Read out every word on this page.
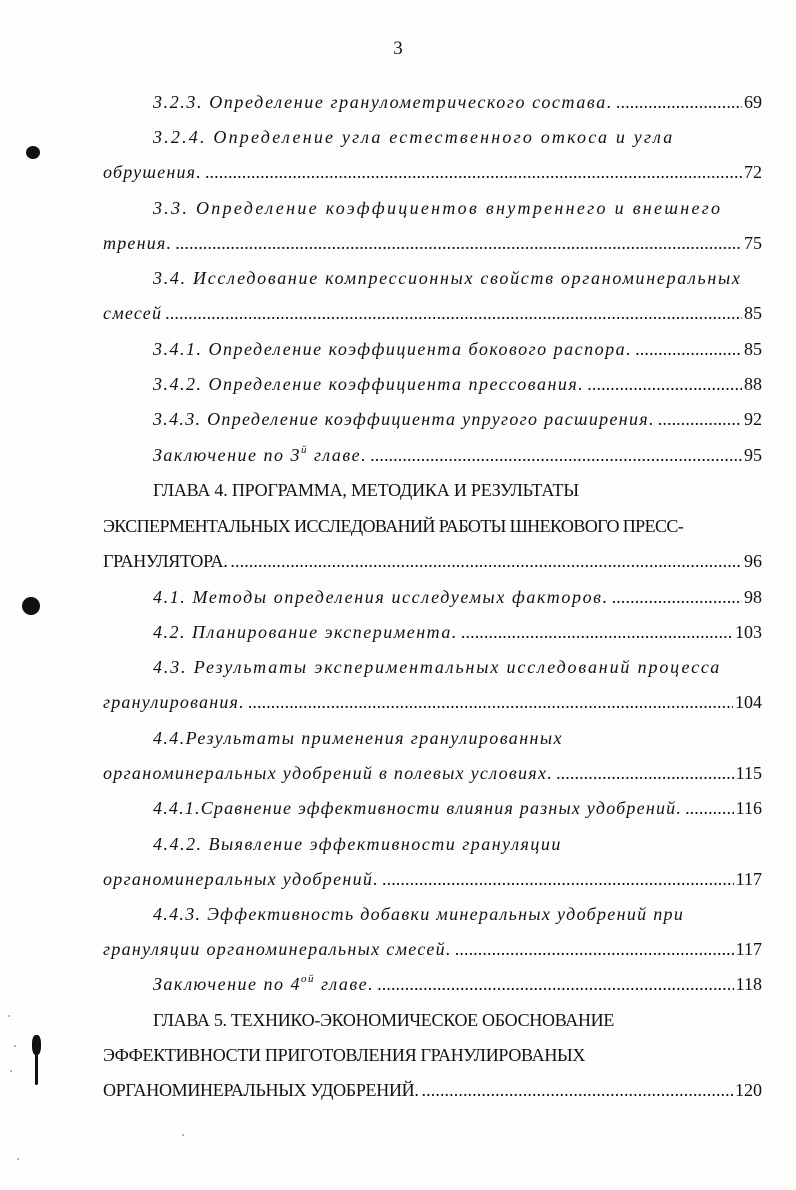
3
3.2.3. Определение гранулометрического состава. . . .	69
3.2.4. Определение угла естественного откоса и угла
обрушения. . . .	72
3.3. Определение коэффициентов внутреннего и внешнего
трения. . . .	75
3.4. Исследование компрессионных свойств органоминеральных
смесей . . .	85
3.4.1. Определение коэффициента бокового распора. . . .	85
3.4.2. Определение коэффициента прессования. . . .	88
3.4.3. Определение коэффициента упругого расширения. . . .	92
Заключение по $3^й$ главе. . . .	95
ГЛАВА 4. ПРОГРАММА, МЕТОДИКА И РЕЗУЛЬТАТЫ
ЭКСПЕРМЕНТАЛЬНЫХ ИССЛЕДОВАНИЙ РАБОТЫ ШНЕКОВОГО ПРЕСС-
ГРАНУЛЯТОРА. . . .	96
4.1. Методы определения исследуемых факторов. . . .	98
4.2. Планирование эксперимента. . . .	103
4.3. Результаты экспериментальных исследований процесса
гранулирования. . . .	104
4.4.Результаты применения гранулированных
органоминеральных удобрений в полевых условиях. . . .	115
4.4.1.Сравнение эффективности влияния разных удобрений. . . .	116
4.4.2. Выявление эффективности грануляции
органоминеральных удобрений. . . .	117
4.4.3. Эффективность добавки минеральных удобрений при
грануляции органоминеральных смесей. . . .	117
Заключение по $4^{ой}$ главе. . . .	118
ГЛАВА 5. ТЕХНИКО-ЭКОНОМИЧЕСКОЕ ОБОСНОВАНИЕ
ЭФФЕКТИВНОСТИ ПРИГОТОВЛЕНИЯ ГРАНУЛИРОВАНЫХ
ОРГАНОМИНЕРАЛЬНЫХ УДОБРЕНИЙ. . . .	120
